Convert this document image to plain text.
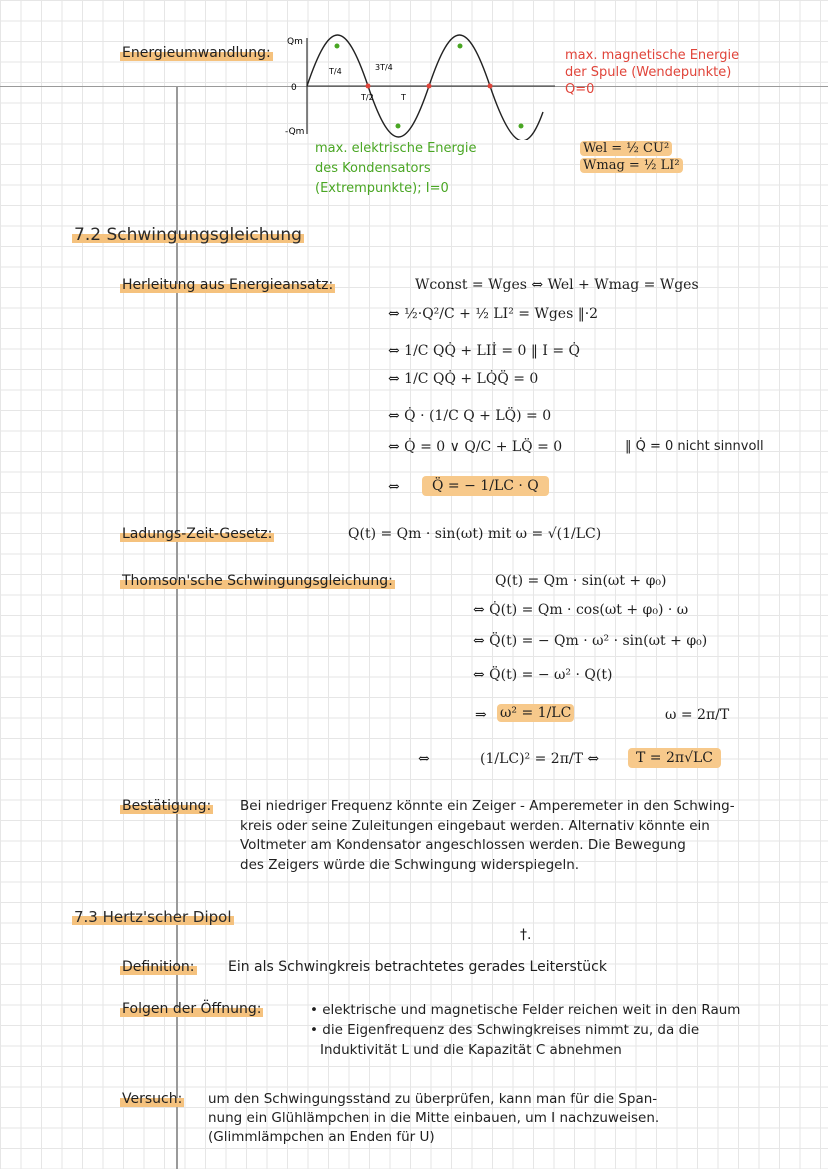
Energieumwandlung:
Qm
0
-Qm
T/4
T/2
3T/4
T
max. magnetische Energie
der Spule (Wendepunkte)
Q=0
max. elektrische Energie
des Kondensators
(Extrempunkte); I=0
Wel = ½ CU²
Wmag = ½ LI²
7.2 Schwingungsgleichung
Herleitung aus Energieansatz:	Wconst = Wges ⇔ Wel + Wmag = Wges
⇔ ½·Q²/C + ½ LI² = Wges ‖·2
⇔ 1/C QQ̇ + LIİ = 0 ‖ I = Q̇
⇔ 1/C QQ̇ + LQ̇Q̈ = 0
⇔ Q̇ · (1/C Q + LQ̈) = 0
⇔ Q̇ = 0 ∨ Q/C + LQ̈ = 0	‖ Q̇ = 0 nicht sinnvoll
⇔	Q̈ = − 1/LC · Q
Ladungs-Zeit-Gesetz:	Q(t) = Qm · sin(ωt) mit ω = √(1/LC)
Thomson'sche Schwingungsgleichung:	Q(t) = Qm · sin(ωt + φ₀)
⇔ Q̇(t) = Qm · cos(ωt + φ₀) · ω
⇔ Q̈(t) = − Qm · ω² · sin(ωt + φ₀)
⇔ Q̈(t) = − ω² · Q(t)
⇒ ω² = 1/LC	ω = 2π/T
⇔	(1/LC)² = 2π/T ⇔	T = 2π√LC
Bestätigung: Bei niedriger Frequenz könnte ein Zeiger - Amperemeter in den Schwing-
kreis oder seine Zuleitungen eingebaut werden. Alternativ könnte ein
Voltmeter am Kondensator angeschlossen werden. Die Bewegung
des Zeigers würde die Schwingung widerspiegeln.
7.3 Hertz'scher Dipol
†.
Definition: Ein als Schwingkreis betrachtetes gerades Leiterstück
Folgen der Öffnung:	• elektrische und magnetische Felder reichen weit in den Raum
• die Eigenfrequenz des Schwingkreises nimmt zu, da die
Induktivität L und die Kapazität C abnehmen
Versuch: um den Schwingungsstand zu überprüfen, kann man für die Span-
nung ein Glühlämpchen in die Mitte einbauen, um I nachzuweisen.
(Glimmlämpchen an Enden für U)
